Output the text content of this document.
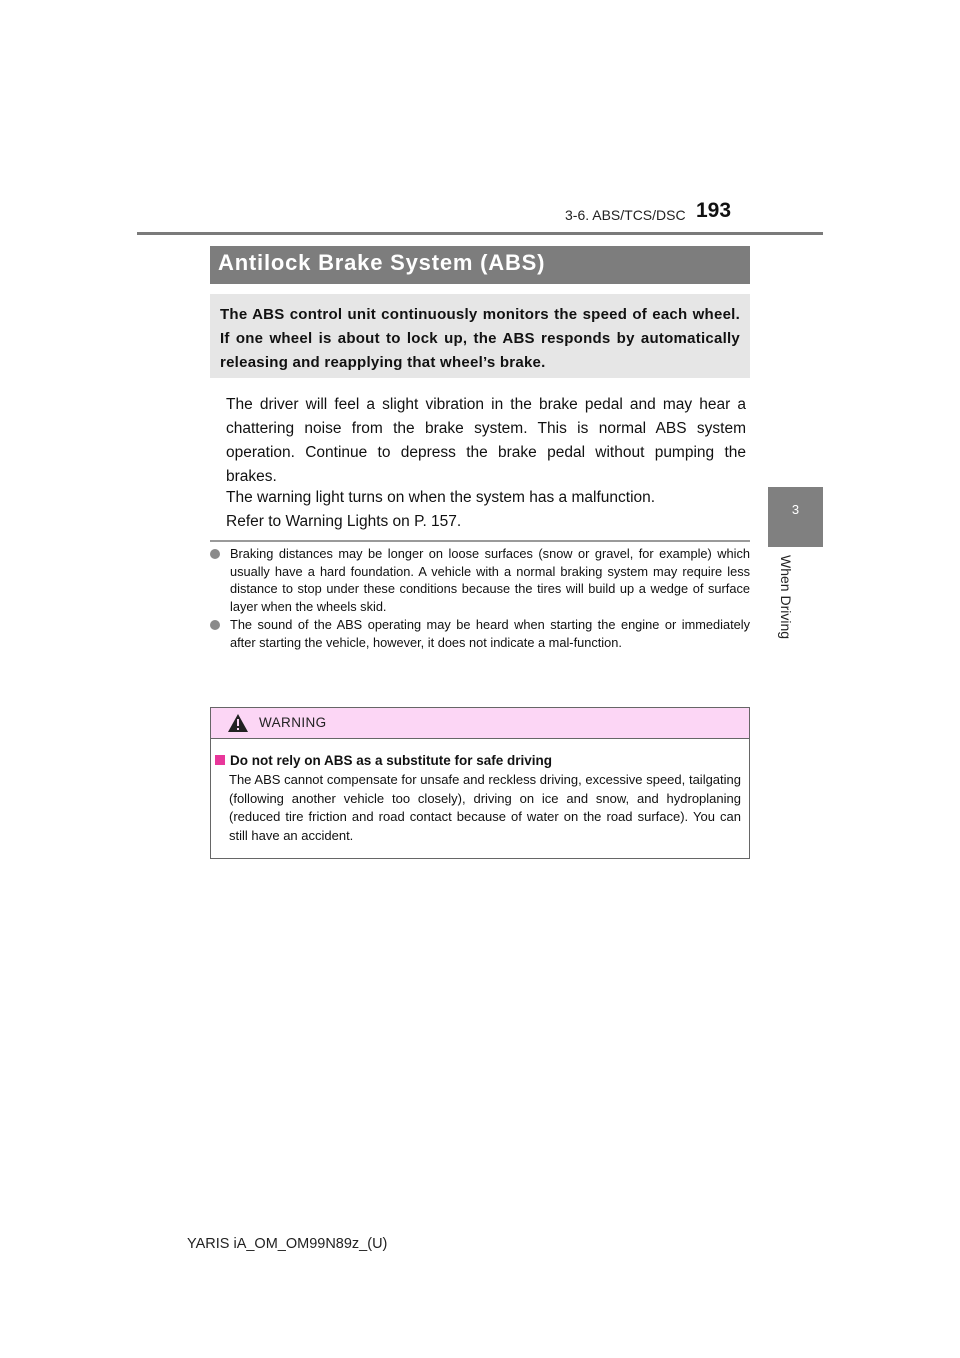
3-6. ABS/TCS/DSC 193
3
When Driving
Antilock Brake System (ABS)
The ABS control unit continuously monitors the speed of each wheel. If one wheel is about to lock up, the ABS responds by automatically releasing and reapplying that wheel’s brake.
The driver will feel a slight vibration in the brake pedal and may hear a chattering noise from the brake system. This is normal ABS system operation. Continue to depress the brake pedal without pumping the brakes.
The warning light turns on when the system has a malfunction.
Refer to Warning Lights on P. 157.
Braking distances may be longer on loose surfaces (snow or gravel, for example) which usually have a hard foundation. A vehicle with a normal braking system may require less distance to stop under these conditions because the tires will build up a wedge of surface layer when the wheels skid.
The sound of the ABS operating may be heard when starting the engine or immediately after starting the vehicle, however, it does not indicate a mal-function.
WARNING
Do not rely on ABS as a substitute for safe driving
The ABS cannot compensate for unsafe and reckless driving, excessive speed, tailgating (following another vehicle too closely), driving on ice and snow, and hydroplaning (reduced tire friction and road contact because of water on the road surface). You can still have an accident.
YARIS iA_OM_OM99N89z_(U)
